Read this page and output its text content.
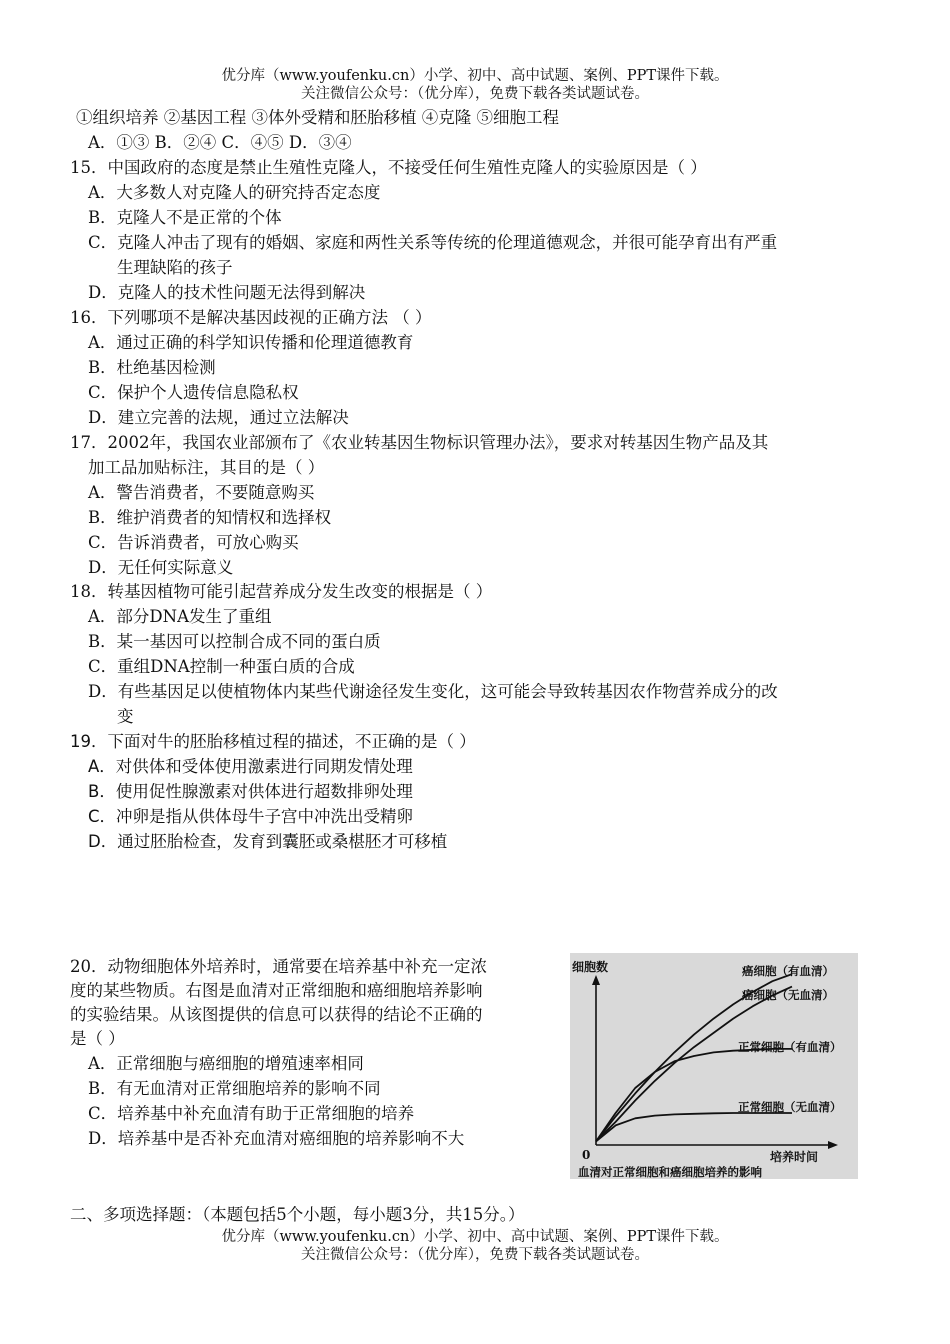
优分库（www.youfenku.cn）小学、初中、高中试题、案例、PPT课件下载。
关注微信公众号：（优分库），免费下载各类试题试卷。
①组织培养 ②基因工程 ③体外受精和胚胎移植 ④克隆 ⑤细胞工程
A．①③ B．②④ C．④⑤ D．③④
15．中国政府的态度是禁止生殖性克隆人，不接受任何生殖性克隆人的实验原因是（ ）
A．大多数人对克隆人的研究持否定态度
B．克隆人不是正常的个体
C．克隆人冲击了现有的婚姻、家庭和两性关系等传统的伦理道德观念，并很可能孕育出有严重
生理缺陷的孩子
D．克隆人的技术性问题无法得到解决
16．下列哪项不是解决基因歧视的正确方法 （ ）
A．通过正确的科学知识传播和伦理道德教育
B．杜绝基因检测
C．保护个人遗传信息隐私权
D．建立完善的法规，通过立法解决
17．2002年，我国农业部颁布了《农业转基因生物标识管理办法》，要求对转基因生物产品及其
加工品加贴标注，其目的是（ ）
A．警告消费者，不要随意购买
B．维护消费者的知情权和选择权
C．告诉消费者，可放心购买
D．无任何实际意义
18．转基因植物可能引起营养成分发生改变的根据是（ ）
A．部分DNA发生了重组
B．某一基因可以控制合成不同的蛋白质
C．重组DNA控制一种蛋白质的合成
D．有些基因足以使植物体内某些代谢途径发生变化，这可能会导致转基因农作物营养成分的改
变
19．下面对牛的胚胎移植过程的描述，不正确的是（ ）
A．对供体和受体使用激素进行同期发情处理
B．使用促性腺激素对供体进行超数排卵处理
C．冲卵是指从供体母牛子宫中冲洗出受精卵
D．通过胚胎检查，发育到囊胚或桑椹胚才可移植
20．动物细胞体外培养时，通常要在培养基中补充一定浓
度的某些物质。右图是血清对正常细胞和癌细胞培养影响
的实验结果。从该图提供的信息可以获得的结论不正确的
是（ ）
A．正常细胞与癌细胞的增殖速率相同
B．有无血清对正常细胞培养的影响不同
C．培养基中补充血清有助于正常细胞的培养
D．培养基中是否补充血清对癌细胞的培养影响不大
细胞数
0	培养时间
血清对正常细胞和癌细胞培养的影响
癌细胞（有血清）
癌细胞（无血清）
正常细胞（有血清）
正常细胞（无血清）
二、多项选择题：（本题包括5个小题，每小题3分，共15分。）
优分库（www.youfenku.cn）小学、初中、高中试题、案例、PPT课件下载。
关注微信公众号：（优分库），免费下载各类试题试卷。
